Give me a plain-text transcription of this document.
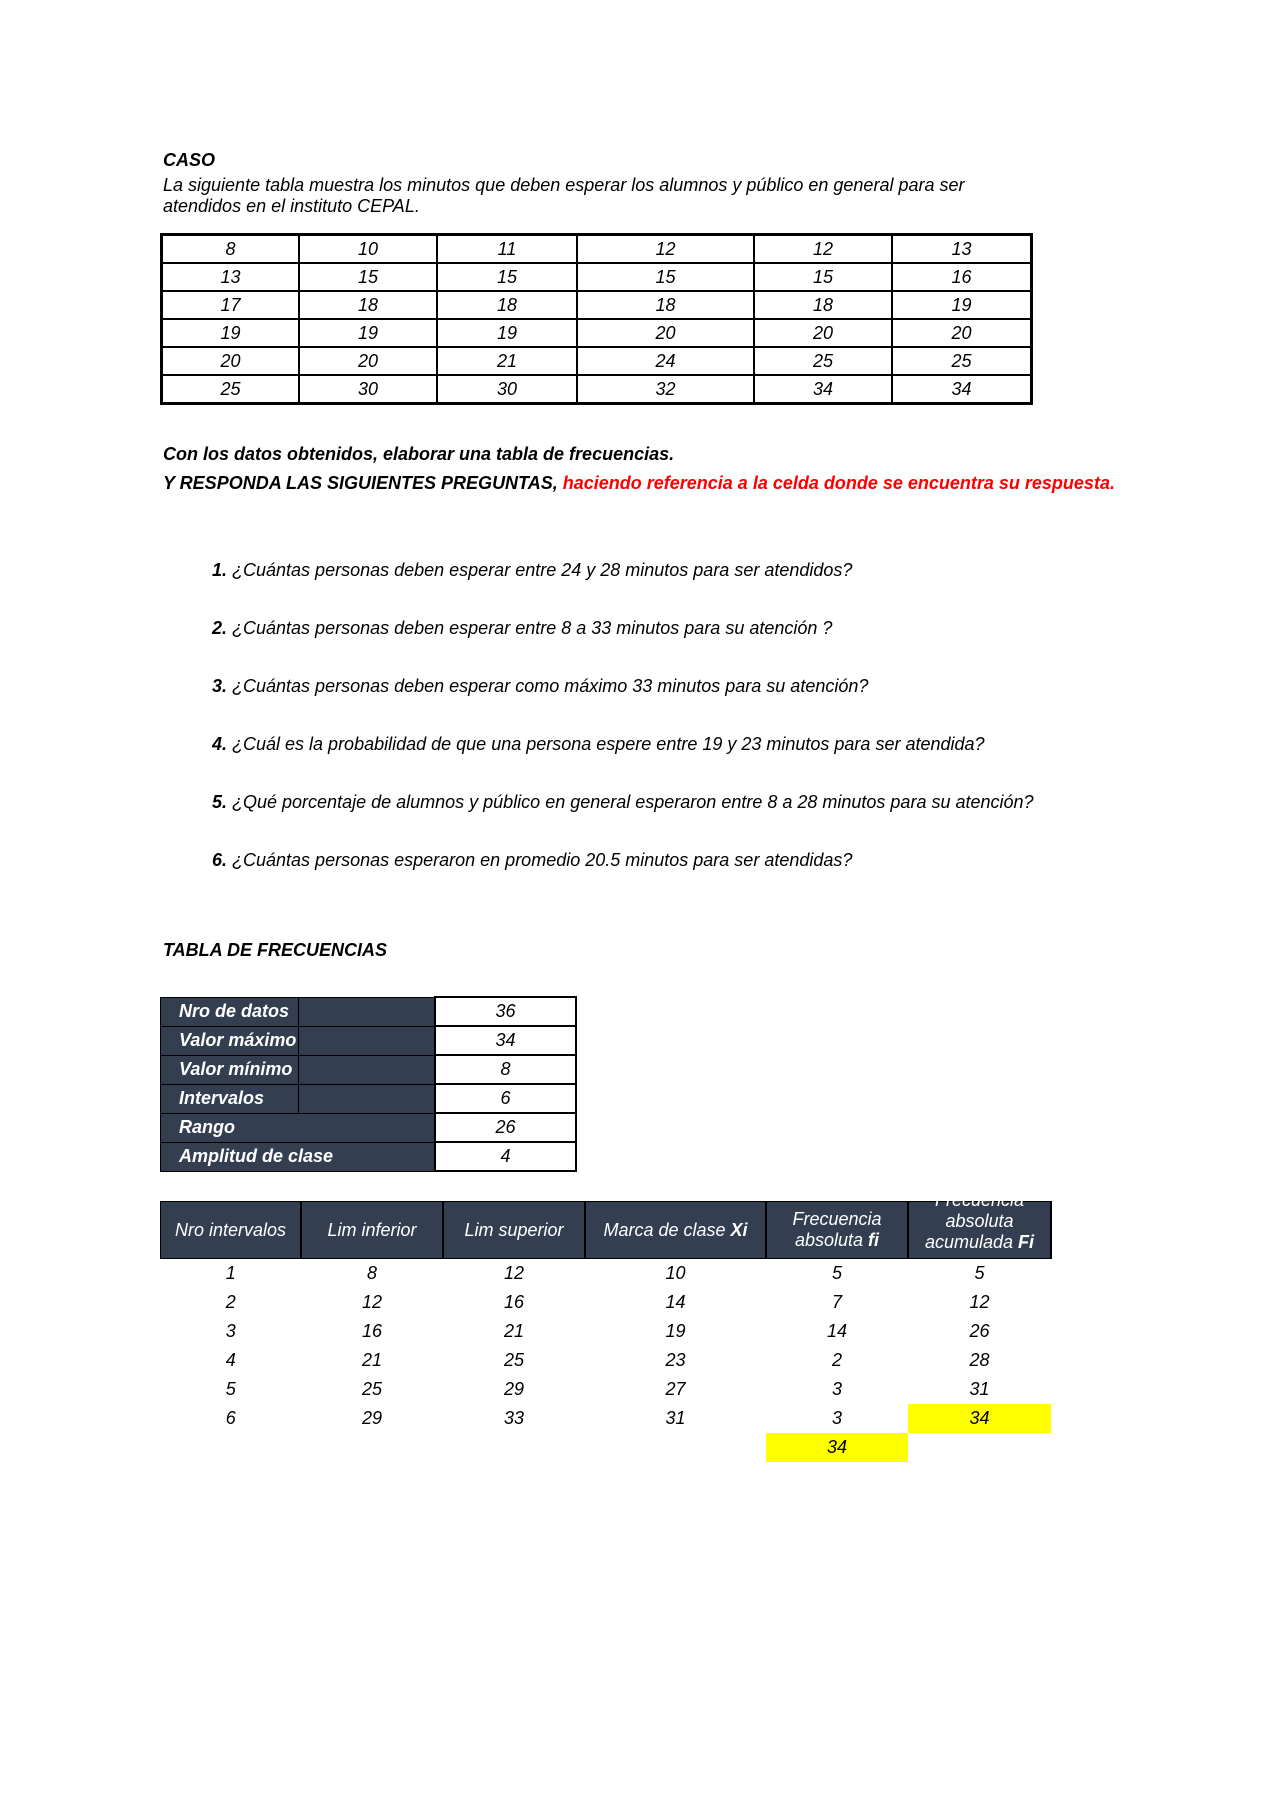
CASO
La siguiente tabla muestra los minutos que deben esperar los alumnos y público en general para ser atendidos en el instituto CEPAL.
8	10	11	12	12	13
13	15	15	15	15	16
17	18	18	18	18	19
19	19	19	20	20	20
20	20	21	24	25	25
25	30	30	32	34	34
Con los datos obtenidos, elaborar una tabla de frecuencias.
Y RESPONDA LAS SIGUIENTES PREGUNTAS, haciendo referencia a la celda donde se encuentra su respuesta.
1. ¿Cuántas personas deben esperar entre 24 y 28 minutos para ser atendidos?
2. ¿Cuántas personas deben esperar entre 8 a 33 minutos para su atención ?
3. ¿Cuántas personas deben esperar como máximo 33 minutos para su atención?
4. ¿Cuál es la probabilidad de que una persona espere entre 19 y 23 minutos para ser atendida?
5. ¿Qué porcentaje de alumnos y público en general esperaron entre 8 a 28 minutos para su atención?
6. ¿Cuántas personas esperaron en promedio 20.5 minutos para ser atendidas?
TABLA DE FRECUENCIAS
Nro de datos	36
Valor máximo	34
Valor mínimo	8
Intervalos	6
Rango	26
Amplitud de clase	4
Nro intervalos	Lim inferior	Lim superior	Marca de clase Xi	Frecuencia absoluta fi	Frecuencia absoluta acumulada Fi

1	8	12	10	5	5
2	12	16	14	7	12
3	16	21	19	14	26
4	21	25	23	2	28
5	25	29	27	3	31
6	29	33	31	3	34
				34	
